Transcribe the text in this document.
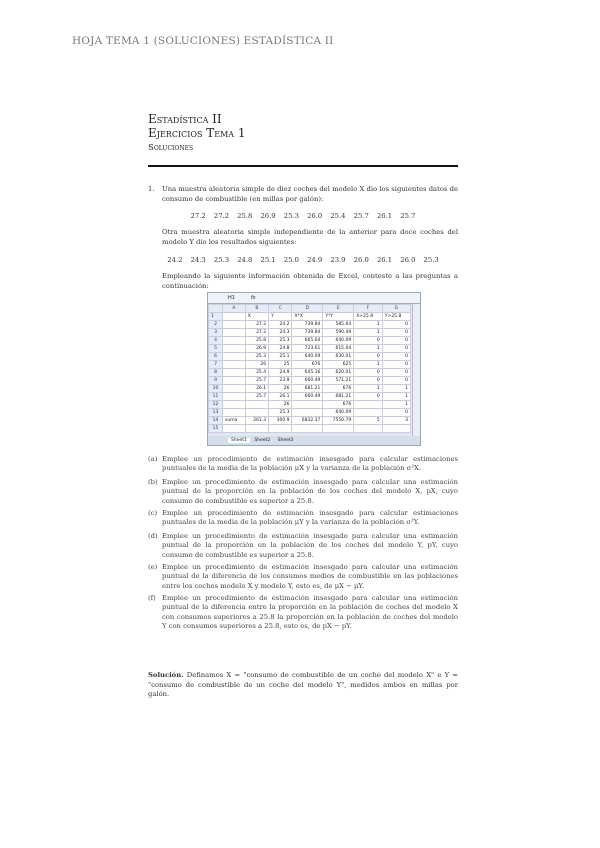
HOJA TEMA 1 (SOLUCIONES) ESTADÍSTICA II
Estadística II
Ejercicios Tema 1
Soluciones
1. Una muestra aleatoria simple de diez coches del modelo X dio los siguientes datos de consumo de combustible (en millas por galón):
27.2 27.2 25.8 26.9 25.3 26.0 25.4 25.7 26.1 25.7
Otra muestra aleatoria simple independiente de la anterior para doce coches del modelo Y dio los resultados siguientes:
24.2 24.3 25.3 24.8 25.1 25.0 24.9 23.9 26.0 26.1 26.0 25.3
Empleando la siguiente información obtenida de Excel, conteste a las preguntas a continuación:
H1	fx
	A	B	C	D	E	F	G
1		X	Y	X*X	Y*Y	X>25.8	Y>25.8
2		27.2	24.2	739.84	585.64	1	0
3		27.2	24.3	739.84	590.49	1	0
4		25.8	25.3	665.64	640.09	0	0
5		26.9	24.8	723.61	615.04	1	0
6		25.3	25.1	640.09	630.01	0	0
7		26	25	676	625	1	0
8		25.4	24.9	645.16	620.01	0	0
9		25.7	23.9	660.49	571.21	0	0
10		26.1	26	681.21	676	1	1
11		25.7	26.1	660.49	681.21	0	1
12			26		676		1
13			25.3		640.09		0
14	suma	261.3	300.9	6832.37	7550.79	5	3
15							
Sheet1 Sheet2 Sheet3
(a) Emplee un procedimiento de estimación insesgado para calcular estimaciones puntuales de la media de la población μX y la varianza de la población σ²X.
(b) Emplee un procedimiento de estimación insesgado para calcular una estimación puntual de la proporción en la población de los coches del modelo X, pX, cuyo consumo de combustible es superior a 25.8.
(c) Emplee un procedimiento de estimación insesgado para calcular estimaciones puntuales de la media de la población μY y la varianza de la población σ²Y.
(d) Emplee un procedimiento de estimación insesgado para calcular una estimación puntual de la proporción en la población de los coches del modelo Y, pY, cuyo consumo de combustible es superior a 25.8.
(e) Emplee un procedimiento de estimación insesgado para calcular una estimación puntual de la diferencia de los consumos medios de combustible en las poblaciones entre los coches modelo X y modelo Y, esto es, de μX − μY.
(f) Emplee un procedimiento de estimación insesgado para calcular una estimación puntual de la diferencia entre la proporción en la población de coches del modelo X con consumos superiores a 25.8 la proporción en la población de coches del modelo Y con consumos superiores a 25.8, esto es, de pX − pY.
Solución. Definamos X = "consumo de combustible de un coche del modelo X" e Y = "consumo de combustible de un coche del modelo Y", medidos ambos en millas por galón.
